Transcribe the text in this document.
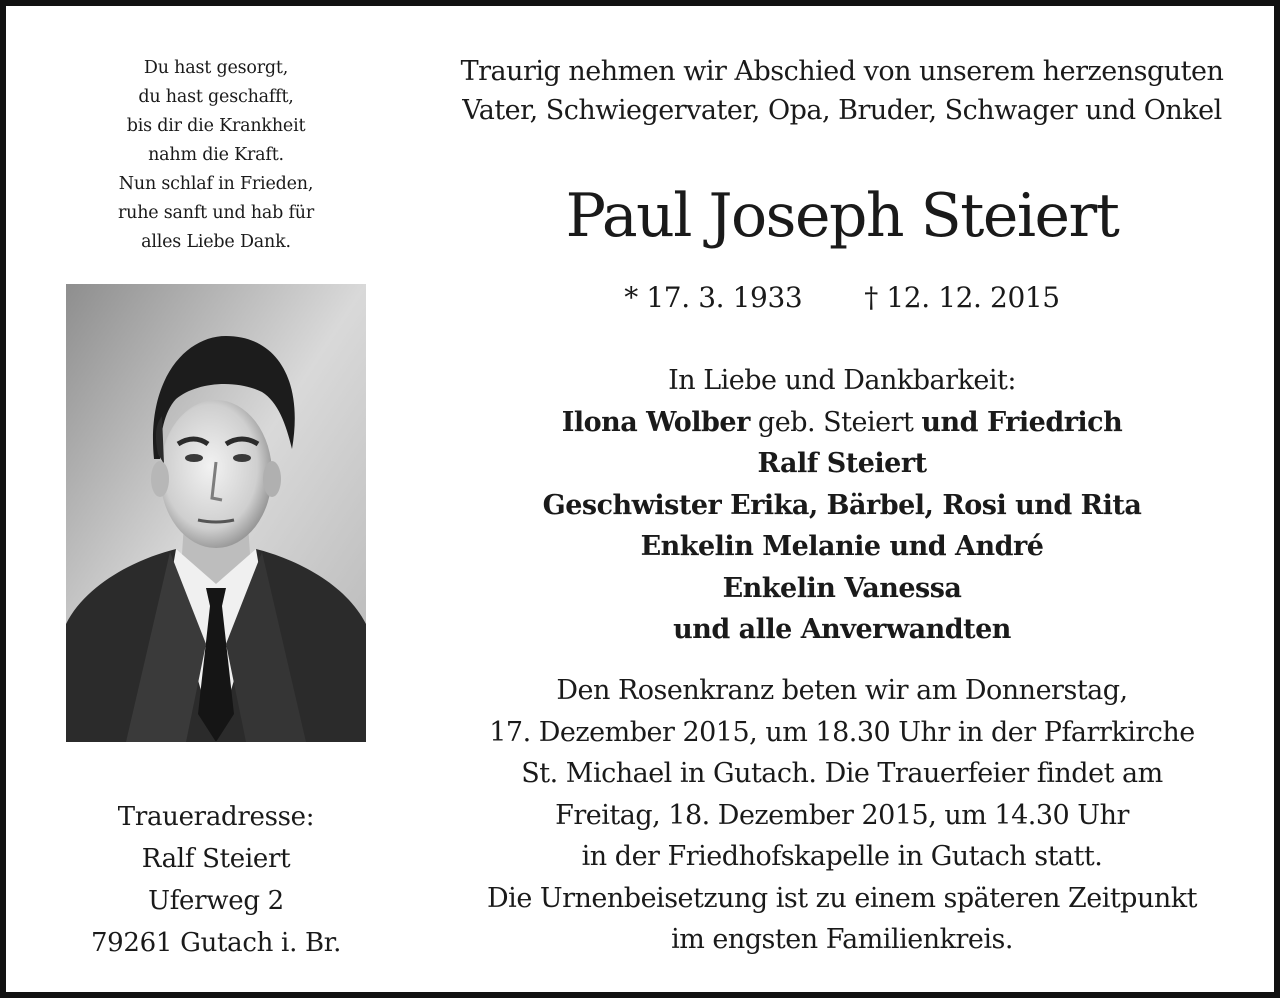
Du hast gesorgt,
du hast geschafft,
bis dir die Krankheit
nahm die Kraft.
Nun schlaf in Frieden,
ruhe sanft und hab für
alles Liebe Dank.
Traueradresse:
Ralf Steiert
Uferweg 2
79261 Gutach i. Br.
Traurig nehmen wir Abschied von unserem herzensguten
Vater, Schwiegervater, Opa, Bruder, Schwager und Onkel
Paul Joseph Steiert
* 17. 3. 1933 † 12. 12. 2015
In Liebe und Dankbarkeit:
Ilona Wolber geb. Steiert und Friedrich
Ralf Steiert
Geschwister Erika, Bärbel, Rosi und Rita
Enkelin Melanie und André
Enkelin Vanessa
und alle Anverwandten
Den Rosenkranz beten wir am Donnerstag,
17. Dezember 2015, um 18.30 Uhr in der Pfarrkirche
St. Michael in Gutach. Die Trauerfeier findet am
Freitag, 18. Dezember 2015, um 14.30 Uhr
in der Friedhofskapelle in Gutach statt.
Die Urnenbeisetzung ist zu einem späteren Zeitpunkt
im engsten Familienkreis.
